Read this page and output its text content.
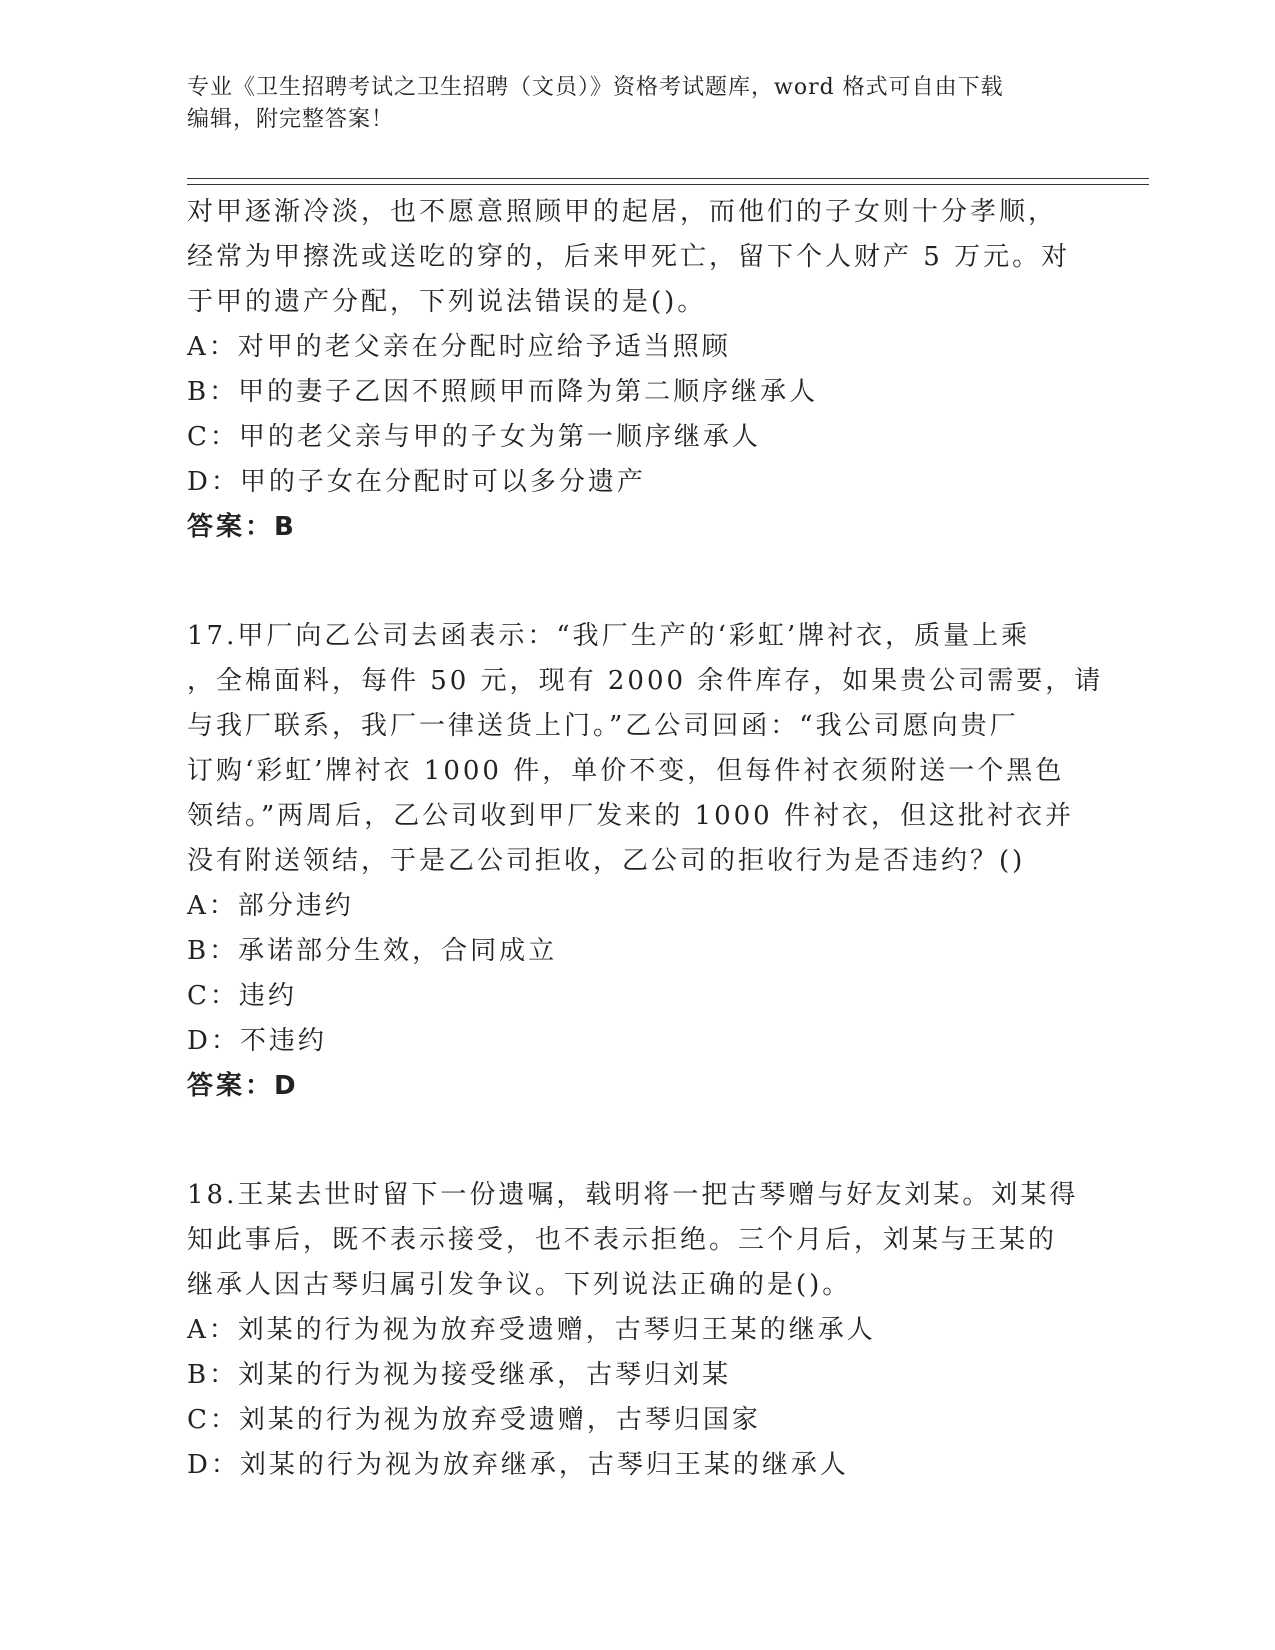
专业《卫生招聘考试之卫生招聘（文员）》资格考试题库，word 格式可自由下载
编辑，附完整答案！
对甲逐渐冷淡，也不愿意照顾甲的起居，而他们的子女则十分孝顺，
经常为甲擦洗或送吃的穿的，后来甲死亡，留下个人财产 5 万元。对
于甲的遗产分配，下列说法错误的是()。
A：对甲的老父亲在分配时应给予适当照顾
B：甲的妻子乙因不照顾甲而降为第二顺序继承人
C：甲的老父亲与甲的子女为第一顺序继承人
D：甲的子女在分配时可以多分遗产
答案：B
17.甲厂向乙公司去函表示：“我厂生产的‘彩虹’牌衬衣，质量上乘
，全棉面料，每件 50 元，现有 2000 余件库存，如果贵公司需要，请
与我厂联系，我厂一律送货上门。”乙公司回函：“我公司愿向贵厂
订购‘彩虹’牌衬衣 1000 件，单价不变，但每件衬衣须附送一个黑色
领结。”两周后，乙公司收到甲厂发来的 1000 件衬衣，但这批衬衣并
没有附送领结，于是乙公司拒收，乙公司的拒收行为是否违约？()
A：部分违约
B：承诺部分生效，合同成立
C：违约
D：不违约
答案：D
18.王某去世时留下一份遗嘱，载明将一把古琴赠与好友刘某。刘某得
知此事后，既不表示接受，也不表示拒绝。三个月后，刘某与王某的
继承人因古琴归属引发争议。下列说法正确的是()。
A：刘某的行为视为放弃受遗赠，古琴归王某的继承人
B：刘某的行为视为接受继承，古琴归刘某
C：刘某的行为视为放弃受遗赠，古琴归国家
D：刘某的行为视为放弃继承，古琴归王某的继承人
